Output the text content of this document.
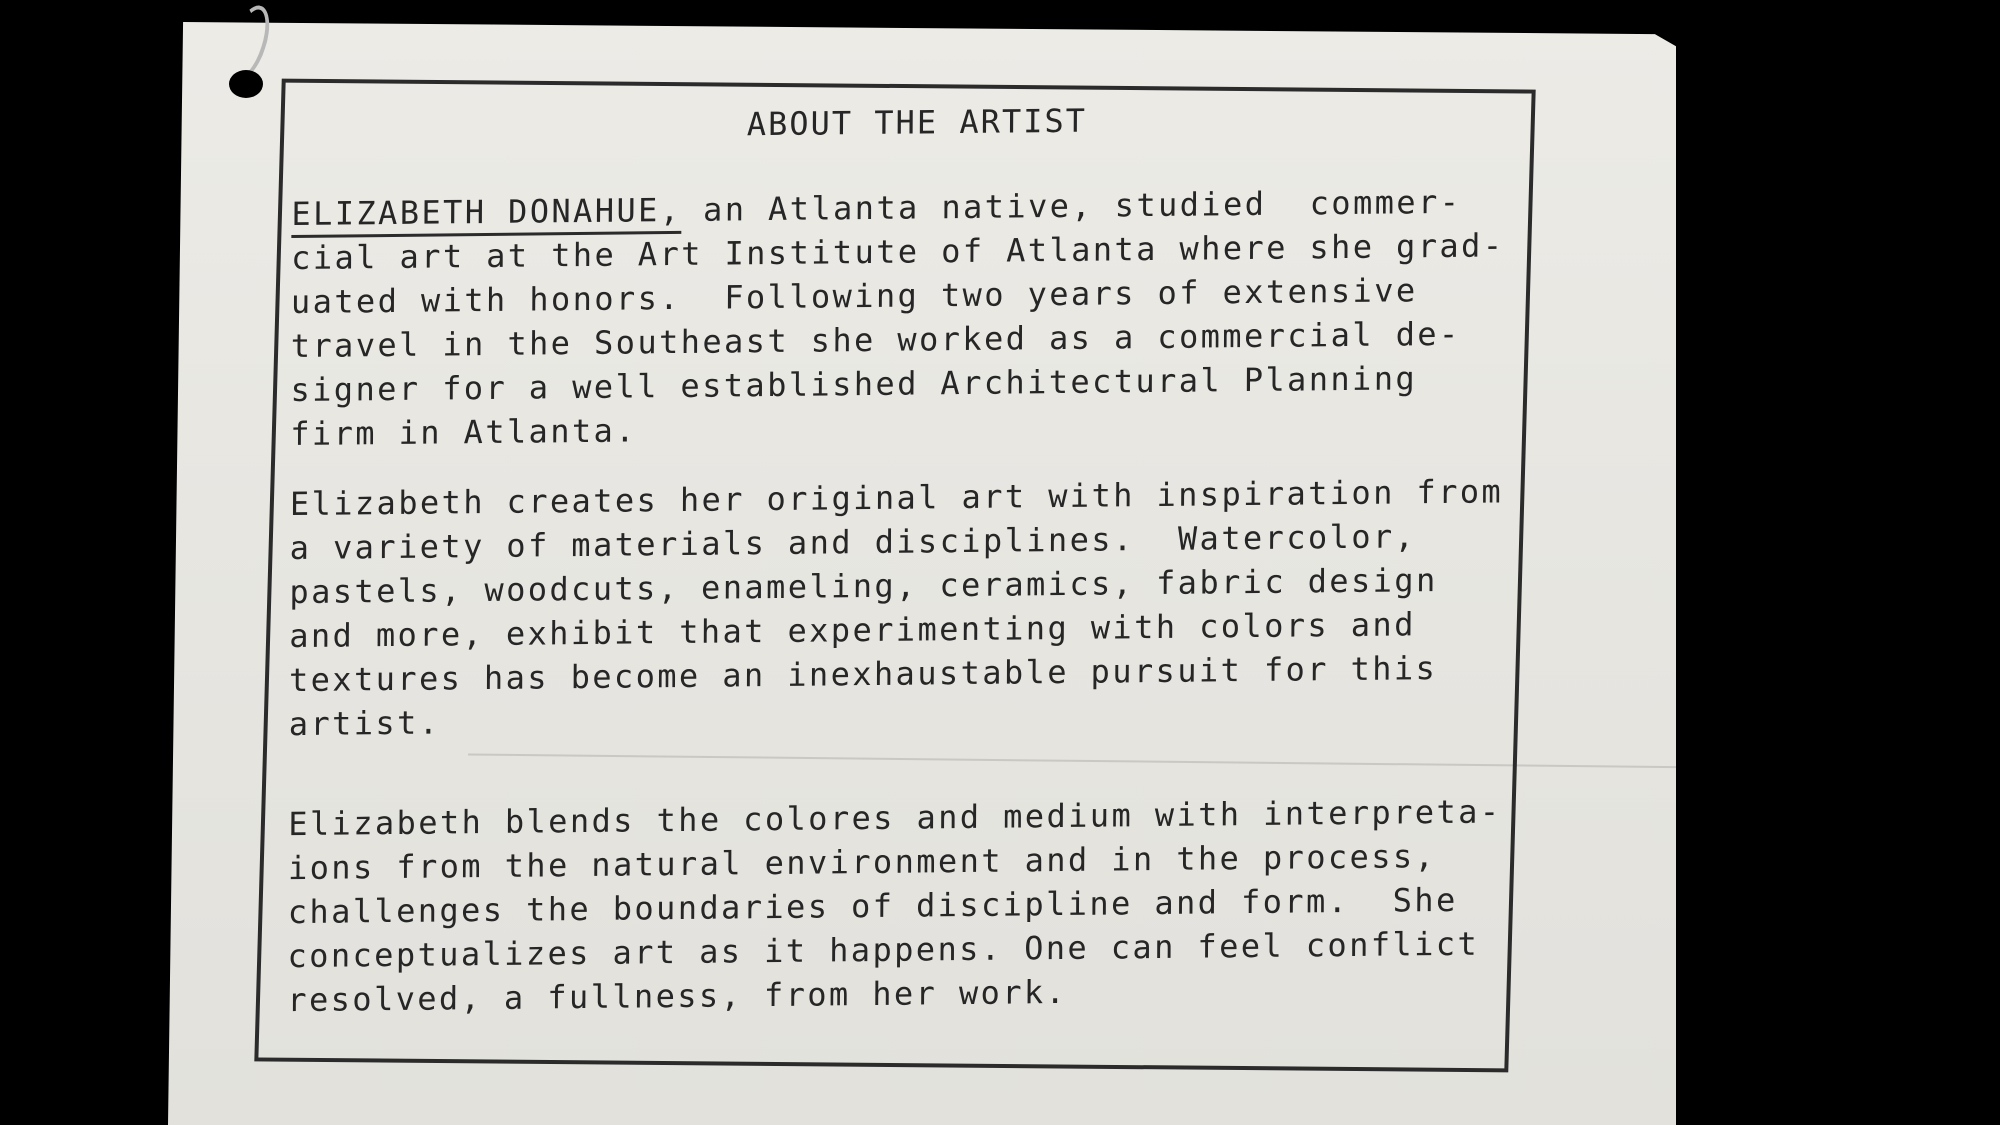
ABOUT THE ARTIST

ELIZABETH DONAHUE, an Atlanta native, studied  commer-
cial art at the Art Institute of Atlanta where she grad-
uated with honors.  Following two years of extensive
travel in the Southeast she worked as a commercial de-
signer for a well established Architectural Planning
firm in Atlanta.

Elizabeth creates her original art with inspiration from
a variety of materials and disciplines.  Watercolor,
pastels, woodcuts, enameling, ceramics, fabric design
and more, exhibit that experimenting with colors and
textures has become an inexhaustable pursuit for this
artist.

Elizabeth blends the colores and medium with interpreta-
ions from the natural environment and in the process,
challenges the boundaries of discipline and form.  She
conceptualizes art as it happens. One can feel conflict
resolved, a fullness, from her work.
